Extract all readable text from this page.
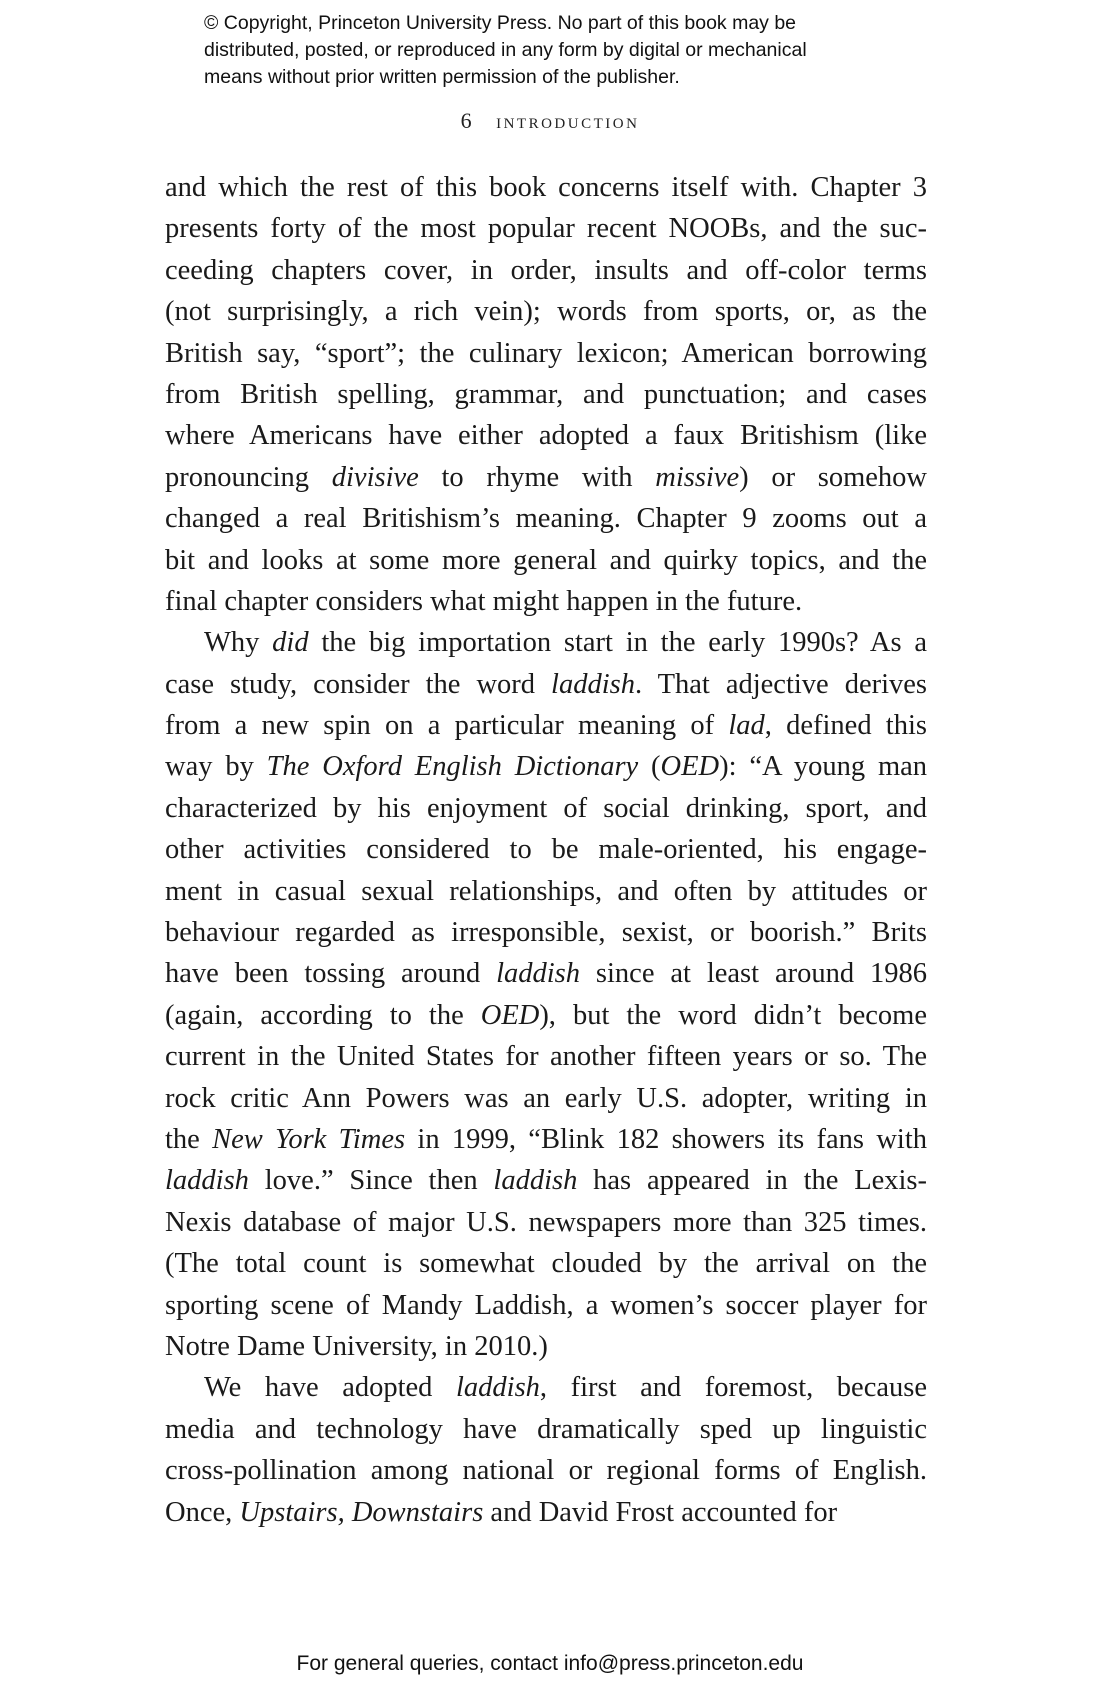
© Copyright, Princeton University Press. No part of this book may be
distributed, posted, or reproduced in any form by digital or mechanical
means without prior written permission of the publisher.
6 introduction
and which the rest of this book concerns itself with. Chapter 3
presents forty of the most popular recent NOOBs, and the suc-
ceeding chapters cover, in order, insults and off-color terms
(not surprisingly, a rich vein); words from sports, or, as the
British say, “sport”; the culinary lexicon; American borrowing
from British spelling, grammar, and punctuation; and cases
where Americans have either adopted a faux Britishism (like
pronouncing divisive to rhyme with missive) or somehow
changed a real Britishism’s meaning. Chapter 9 zooms out a
bit and looks at some more general and quirky topics, and the
final chapter considers what might happen in the future.
Why did the big importation start in the early 1990s? As a
case study, consider the word laddish. That adjective derives
from a new spin on a particular meaning of lad, defined this
way by The Oxford English Dictionary (OED): “A young man
characterized by his enjoyment of social drinking, sport, and
other activities considered to be male-oriented, his engage-
ment in casual sexual relationships, and often by attitudes or
behaviour regarded as irresponsible, sexist, or boorish.” Brits
have been tossing around laddish since at least around 1986
(again, according to the OED), but the word didn’t become
current in the United States for another fifteen years or so. The
rock critic Ann Powers was an early U.S. adopter, writing in
the New York Times in 1999, “Blink 182 showers its fans with
laddish love.” Since then laddish has appeared in the Lexis-
Nexis database of major U.S. newspapers more than 325 times.
(The total count is somewhat clouded by the arrival on the
sporting scene of Mandy Laddish, a women’s soccer player for
Notre Dame University, in 2010.)
We have adopted laddish, first and foremost, because
media and technology have dramatically sped up linguistic
cross-pollination among national or regional forms of English.
Once, Upstairs, Downstairs and David Frost accounted for
For general queries, contact info@press.princeton.edu
